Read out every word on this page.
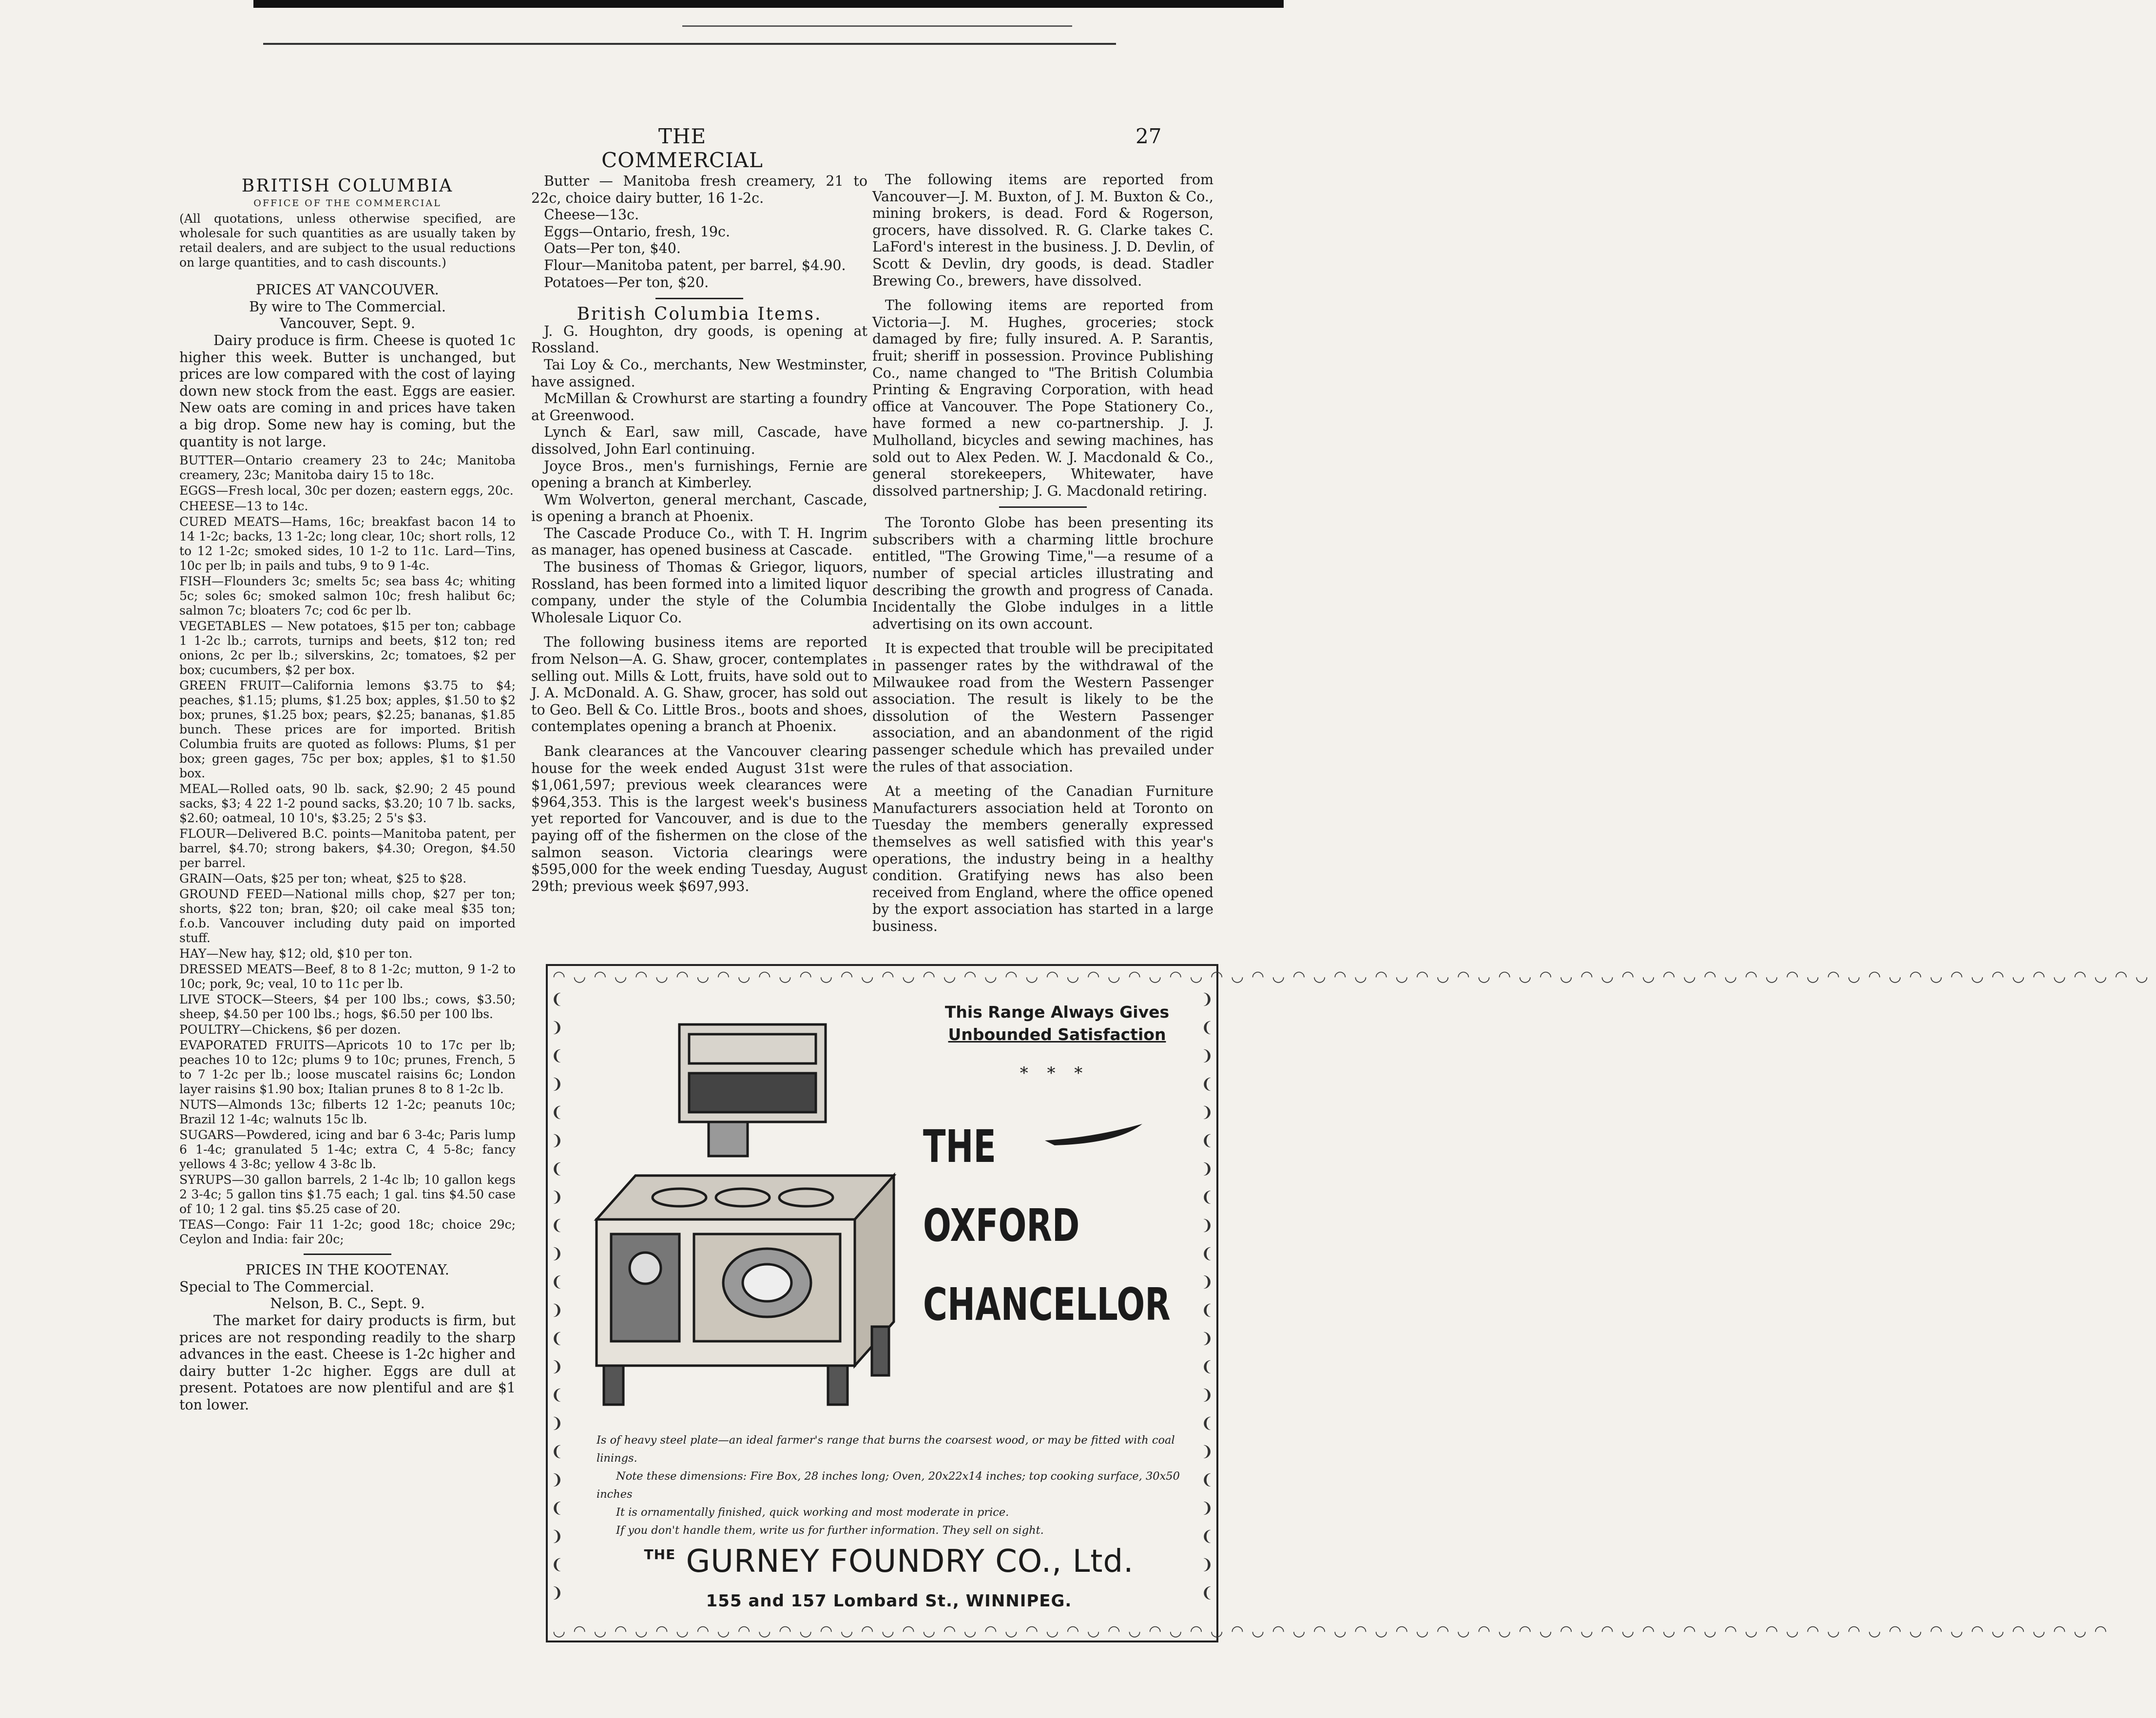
THE COMMERCIAL
27

BRITISH COLUMBIA

OFFICE OF THE COMMERCIAL

(All quotations, unless otherwise specified, are wholesale for such quantities as are usually taken by retail dealers, and are subject to the usual reductions on large quantities, and to cash discounts.)

PRICES AT VANCOUVER.

By wire to The Commercial.

Vancouver, Sept. 9.

Dairy produce is firm. Cheese is quoted 1c higher this week. Butter is unchanged, but prices are low compared with the cost of laying down new stock from the east. Eggs are easier. New oats are coming in and prices have taken a big drop. Some new hay is coming, but the quantity is not large.

BUTTER—Ontario creamery 23 to 24c; Manitoba creamery, 23c; Manitoba dairy 15 to 18c.

EGGS—Fresh local, 30c per dozen; eastern eggs, 20c.

CHEESE—13 to 14c.

CURED MEATS—Hams, 16c; breakfast bacon 14 to 14 1-2c; backs, 13 1-2c; long clear, 10c; short rolls, 12 to 12 1-2c; smoked sides, 10 1-2 to 11c. Lard—Tins, 10c per lb; in pails and tubs, 9 to 9 1-4c.

FISH—Flounders 3c; smelts 5c; sea bass 4c; whiting 5c; soles 6c; smoked salmon 10c; fresh halibut 6c; salmon 7c; bloaters 7c; cod 6c per lb.

VEGETABLES — New potatoes, $15 per ton; cabbage 1 1-2c lb.; carrots, turnips and beets, $12 ton; red onions, 2c per lb.; silverskins, 2c; tomatoes, $2 per box; cucumbers, $2 per box.

GREEN FRUIT—California lemons $3.75 to $4; peaches, $1.15; plums, $1.25 box; apples, $1.50 to $2 box; prunes, $1.25 box; pears, $2.25; bananas, $1.85 bunch. These prices are for imported. British Columbia fruits are quoted as follows: Plums, $1 per box; green gages, 75c per box; apples, $1 to $1.50 box.

MEAL—Rolled oats, 90 lb. sack, $2.90; 2 45 pound sacks, $3; 4 22 1-2 pound sacks, $3.20; 10 7 lb. sacks, $2.60; oatmeal, 10 10's, $3.25; 2 5's $3.

FLOUR—Delivered B.C. points—Manitoba patent, per barrel, $4.70; strong bakers, $4.30; Oregon, $4.50 per barrel.

GRAIN—Oats, $25 per ton; wheat, $25 to $28.

GROUND FEED—National mills chop, $27 per ton; shorts, $22 ton; bran, $20; oil cake meal $35 ton; f.o.b. Vancouver including duty paid on imported stuff.

HAY—New hay, $12; old, $10 per ton.

DRESSED MEATS—Beef, 8 to 8 1-2c; mutton, 9 1-2 to 10c; pork, 9c; veal, 10 to 11c per lb.

LIVE STOCK—Steers, $4 per 100 lbs.; cows, $3.50; sheep, $4.50 per 100 lbs.; hogs, $6.50 per 100 lbs.

POULTRY—Chickens, $6 per dozen.

EVAPORATED FRUITS—Apricots 10 to 17c per lb; peaches 10 to 12c; plums 9 to 10c; prunes, French, 5 to 7 1-2c per lb.; loose muscatel raisins 6c; London layer raisins $1.90 box; Italian prunes 8 to 8 1-2c lb.

NUTS—Almonds 13c; filberts 12 1-2c; peanuts 10c; Brazil 12 1-4c; walnuts 15c lb.

SUGARS—Powdered, icing and bar 6 3-4c; Paris lump 6 1-4c; granulated 5 1-4c; extra C, 4 5-8c; fancy yellows 4 3-8c; yellow 4 3-8c lb.

SYRUPS—30 gallon barrels, 2 1-4c lb; 10 gallon kegs 2 3-4c; 5 gallon tins $1.75 each; 1 gal. tins $4.50 case of 10; 1 2 gal. tins $5.25 case of 20.

TEAS—Congo: Fair 11 1-2c; good 18c; choice 29c; Ceylon and India: fair 20c;

PRICES IN THE KOOTENAY.

Special to The Commercial.

Nelson, B. C., Sept. 9.

The market for dairy products is firm, but prices are not responding readily to the sharp advances in the east. Cheese is 1-2c higher and dairy butter 1-2c higher. Eggs are dull at present. Potatoes are now plentiful and are $1 ton lower.

Butter — Manitoba fresh creamery, 21 to 22c, choice dairy butter, 16 1-2c.

Cheese—13c.

Eggs—Ontario, fresh, 19c.

Oats—Per ton, $40.

Flour—Manitoba patent, per barrel, $4.90.

Potatoes—Per ton, $20.

British Columbia Items.

J. G. Houghton, dry goods, is opening at Rossland.

Tai Loy & Co., merchants, New Westminster, have assigned.

McMillan & Crowhurst are starting a foundry at Greenwood.

Lynch & Earl, saw mill, Cascade, have dissolved, John Earl continuing.

Joyce Bros., men's furnishings, Fernie are opening a branch at Kimberley.

Wm Wolverton, general merchant, Cascade, is opening a branch at Phoenix.

The Cascade Produce Co., with T. H. Ingrim as manager, has opened business at Cascade.

The business of Thomas & Griegor, liquors, Rossland, has been formed into a limited liquor company, under the style of the Columbia Wholesale Liquor Co.

The following business items are reported from Nelson—A. G. Shaw, grocer, contemplates selling out. Mills & Lott, fruits, have sold out to J. A. McDonald. A. G. Shaw, grocer, has sold out to Geo. Bell & Co. Little Bros., boots and shoes, contemplates opening a branch at Phoenix.

Bank clearances at the Vancouver clearing house for the week ended August 31st were $1,061,597; previous week clearances were $964,353. This is the largest week's business yet reported for Vancouver, and is due to the paying off of the fishermen on the close of the salmon season. Victoria clearings were $595,000 for the week ending Tuesday, August 29th; previous week $697,993.

The following items are reported from Vancouver—J. M. Buxton, of J. M. Buxton & Co., mining brokers, is dead. Ford & Rogerson, grocers, have dissolved. R. G. Clarke takes C. LaFord's interest in the business. J. D. Devlin, of Scott & Devlin, dry goods, is dead. Stadler Brewing Co., brewers, have dissolved.

The following items are reported from Victoria—J. M. Hughes, groceries; stock damaged by fire; fully insured. A. P. Sarantis, fruit; sheriff in possession. Province Publishing Co., name changed to "The British Columbia Printing & Engraving Corporation, with head office at Vancouver. The Pope Stationery Co., have formed a new co-partnership. J. J. Mulholland, bicycles and sewing machines, has sold out to Alex Peden. W. J. Macdonald & Co., general storekeepers, Whitewater, have dissolved partnership; J. G. Macdonald retiring.

The Toronto Globe has been presenting its subscribers with a charming little brochure entitled, "The Growing Time,"—a resume of a number of special articles illustrating and describing the growth and progress of Canada. Incidentally the Globe indulges in a little advertising on its own account.

It is expected that trouble will be precipitated in passenger rates by the withdrawal of the Milwaukee road from the Western Passenger association. The result is likely to be the dissolution of the Western Passenger association, and an abandonment of the rigid passenger schedule which has prevailed under the rules of that association.

At a meeting of the Canadian Furniture Manufacturers association held at Toronto on Tuesday the members generally expressed themselves as well satisfied with this year's operations, the industry being in a healthy condition. Gratifying news has also been received from England, where the office opened by the export association has started in a large business.

◠◡◠◡◠◡◠◡◠◡◠◡◠◡◠◡◠◡◠◡◠◡◠◡◠◡◠◡◠◡◠◡◠◡◠◡◠◡◠◡◠◡◠◡◠◡◠◡◠◡◠◡◠◡◠◡◠◡◠◡◠◡◠◡◠◡◠◡◠◡◠◡◠◡◠◡◠◡
◡◠◡◠◡◠◡◠◡◠◡◠◡◠◡◠◡◠◡◠◡◠◡◠◡◠◡◠◡◠◡◠◡◠◡◠◡◠◡◠◡◠◡◠◡◠◡◠◡◠◡◠◡◠◡◠◡◠◡◠◡◠◡◠◡◠◡◠◡◠◡◠◡◠◡◠
❨ ❩ ❨ ❩ ❨ ❩ ❨ ❩ ❨ ❩ ❨ ❩ ❨ ❩ ❨ ❩ ❨ ❩ ❨ ❩ ❨ ❩
❩ ❨ ❩ ❨ ❩ ❨ ❩ ❨ ❩ ❨ ❩ ❨ ❩ ❨ ❩ ❨ ❩ ❨ ❩ ❨ ❩ ❨
This Range Always Gives
Unbounded Satisfaction
* * *
THE
OXFORD
CHANCELLOR

Is of heavy steel plate—an ideal farmer's range that burns the coarsest wood, or may be fitted with coal linings.

Note these dimensions: Fire Box, 28 inches long; Oven, 20x22x14 inches; top cooking surface, 30x50 inches

It is ornamentally finished, quick working and most moderate in price.

If you don't handle them, write us for further information. They sell on sight.

$^{THE}$ GURNEY FOUNDRY CO., Ltd.
155 and 157 Lombard St., WINNIPEG.
